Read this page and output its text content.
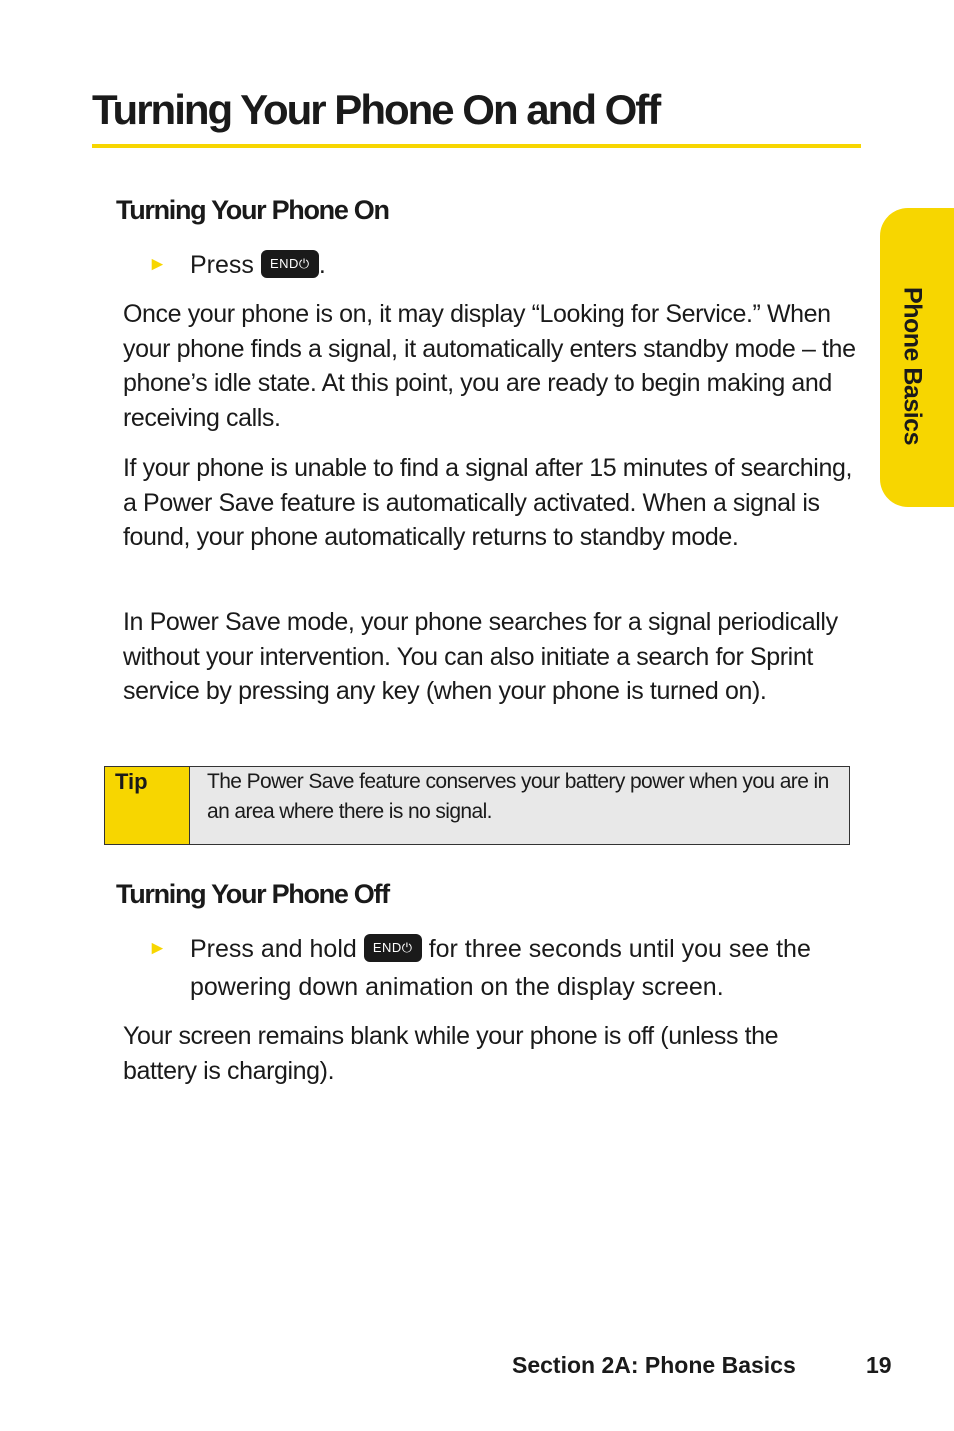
Turning Your Phone On and Off
Phone Basics
Turning Your Phone On
► Press END⏻ .

Once your phone is on, it may display “Looking for Service.” When your phone finds a signal, it automatically enters standby mode – the phone’s idle state. At this point, you are ready to begin making and receiving calls.

If your phone is unable to find a signal after 15 minutes of searching, a Power Save feature is automatically activated. When a signal is found, your phone automatically returns to standby mode.

In Power Save mode, your phone searches for a signal periodically without your intervention. You can also initiate a search for Sprint service by pressing any key (when your phone is turned on).

Tip	The Power Save feature conserves your battery power when you are in an area where there is no signal.
Turning Your Phone Off
► Press and hold END⏻ for three seconds until you see the powering down animation on the display screen.

Your screen remains blank while your phone is off (unless the battery is charging).

Section 2A: Phone Basics	19
